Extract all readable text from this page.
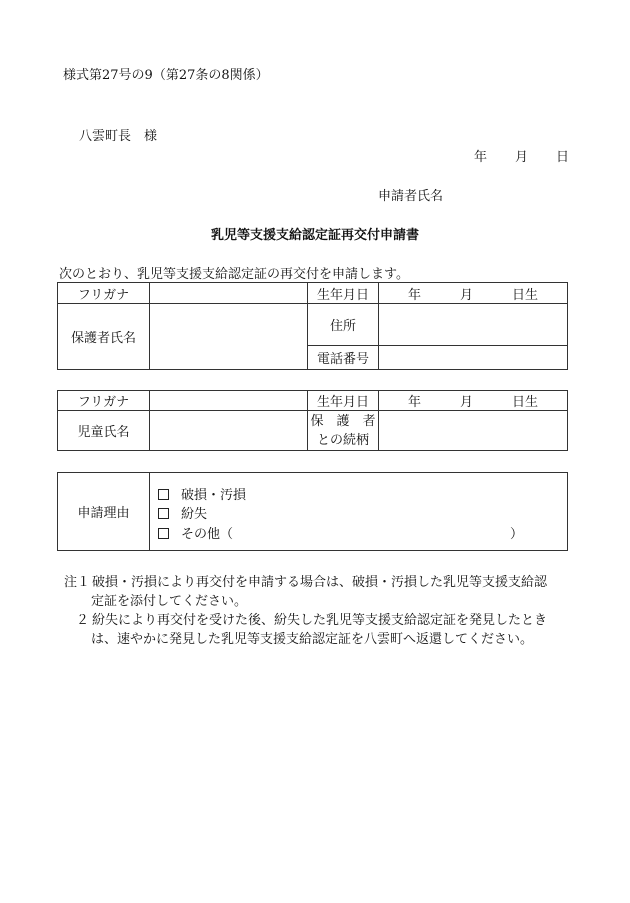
様式第27号の9（第27条の8関係）
八雲町長　様
年 月 日
申請者氏名
乳児等支援支給認定証再交付申請書
次のとおり、乳児等支援支給認定証の再交付を申請します。
フリガナ		生年月日	年　　　月　　　日生
保護者氏名		住所	
		電話番号	
フリガナ		生年月日	年　　　月　　　日生
児童氏名		保　護　者
との続柄	

申請理由	
破損・汚損
紛失
その他（	）
注１ 破損・汚損により再交付を申請する場合は、破損・汚損した乳児等支援支給認
定証を添付してください。
２ 紛失により再交付を受けた後、紛失した乳児等支援支給認定証を発見したとき
は、速やかに発見した乳児等支援支給認定証を八雲町へ返還してください。
